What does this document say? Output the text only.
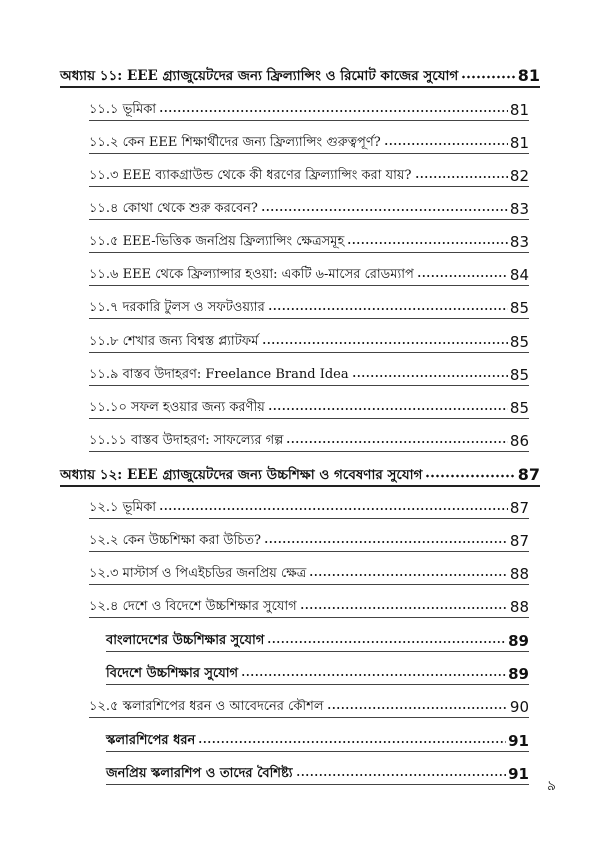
অধ্যায় ১১: EEE গ্র্যাজুয়েটদের জন্য ফ্রিল্যান্সিং ও রিমোট কাজের সুযোগ	81
১১.১ ভূমিকা	81
১১.২ কেন EEE শিক্ষার্থীদের জন্য ফ্রিল্যান্সিং গুরুত্বপূর্ণ?	81
১১.৩ EEE ব্যাকগ্রাউন্ড থেকে কী ধরণের ফ্রিল্যান্সিং করা যায়?	82
১১.৪ কোথা থেকে শুরু করবেন?	83
১১.৫ EEE-ভিত্তিক জনপ্রিয় ফ্রিল্যান্সিং ক্ষেত্রসমূহ	83
১১.৬ EEE থেকে ফ্রিল্যান্সার হওয়া: একটি ৬-মাসের রোডম্যাপ	84
১১.৭ দরকারি টুলস ও সফটওয়্যার	85
১১.৮ শেখার জন্য বিশ্বস্ত প্ল্যাটফর্ম	85
১১.৯ বাস্তব উদাহরণ: Freelance Brand Idea	85
১১.১০ সফল হওয়ার জন্য করণীয়	85
১১.১১ বাস্তব উদাহরণ: সাফল্যের গল্প	86
অধ্যায় ১২: EEE গ্র্যাজুয়েটদের জন্য উচ্চশিক্ষা ও গবেষণার সুযোগ	87
১২.১ ভূমিকা	87
১২.২ কেন উচ্চশিক্ষা করা উচিত?	87
১২.৩ মাস্টার্স ও পিএইচডির জনপ্রিয় ক্ষেত্র	88
১২.৪ দেশে ও বিদেশে উচ্চশিক্ষার সুযোগ	88
বাংলাদেশের উচ্চশিক্ষার সুযোগ	89
বিদেশে উচ্চশিক্ষার সুযোগ	89
১২.৫ স্কলারশিপের ধরন ও আবেদনের কৌশল	90
স্কলারশিপের ধরন	91
জনপ্রিয় স্কলারশিপ ও তাদের বৈশিষ্ট্য	91
৯
